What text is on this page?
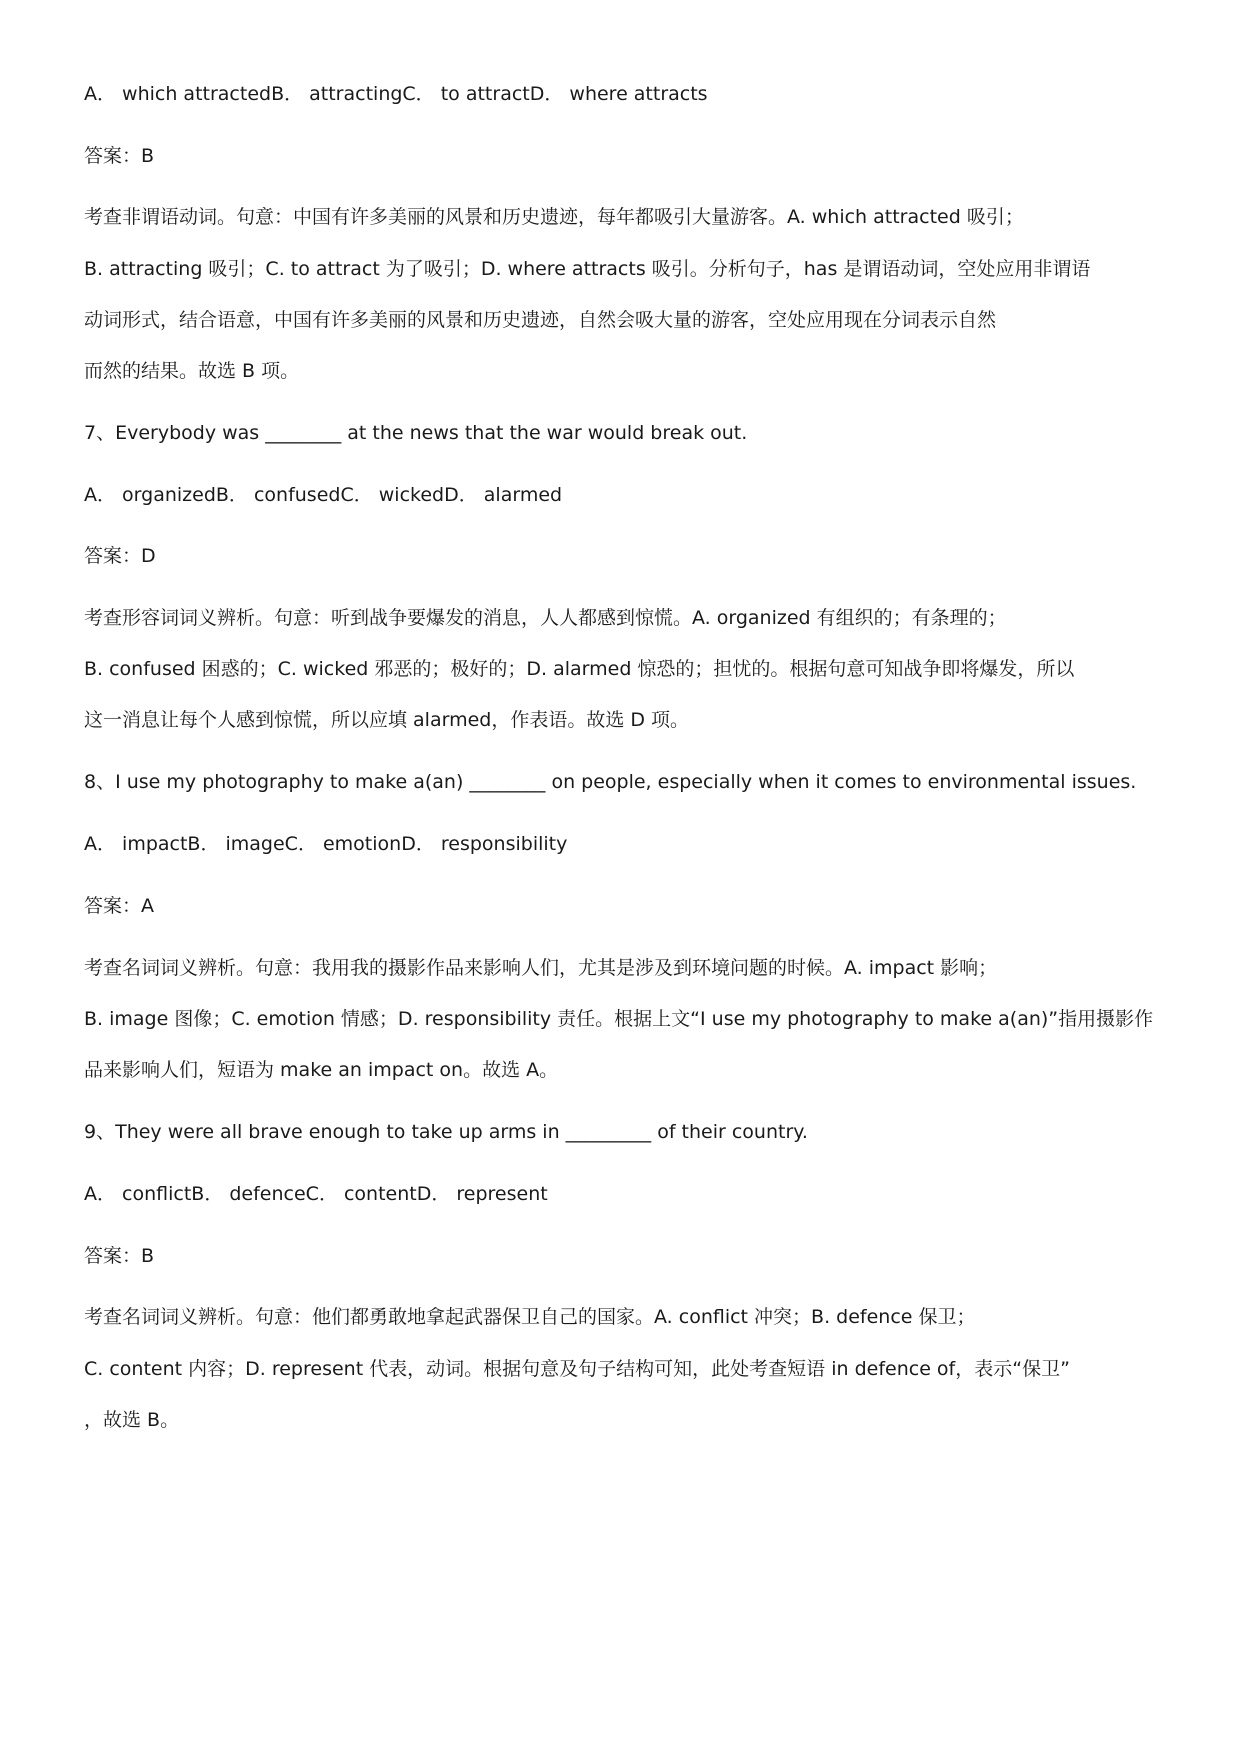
A． which attractedB． attractingC． to attractD． where attracts
答案：B
考查非谓语动词。句意：中国有许多美丽的风景和历史遗迹，每年都吸引大量游客。A. which attracted 吸引；
B. attracting 吸引；C. to attract 为了吸引；D. where attracts 吸引。分析句子，has 是谓语动词，空处应用非谓语
动词形式，结合语意，中国有许多美丽的风景和历史遗迹，自然会吸大量的游客，空处应用现在分词表示自然
而然的结果。故选 B 项。
7、Everybody was ________ at the news that the war would break out.
A． organizedB． confusedC． wickedD． alarmed
答案：D
考查形容词词义辨析。句意：听到战争要爆发的消息，人人都感到惊慌。A. organized 有组织的；有条理的；
B. confused 困惑的；C. wicked 邪恶的；极好的；D. alarmed 惊恐的；担忧的。根据句意可知战争即将爆发，所以
这一消息让每个人感到惊慌，所以应填 alarmed，作表语。故选 D 项。
8、I use my photography to make a(an) ________ on people, especially when it comes to environmental issues.
A． impactB． imageC． emotionD． responsibility
答案：A
考查名词词义辨析。句意：我用我的摄影作品来影响人们，尤其是涉及到环境问题的时候。A. impact 影响；
B. image 图像；C. emotion 情感；D. responsibility 责任。根据上文“I use my photography to make a(an)”指用摄影作
品来影响人们，短语为 make an impact on。故选 A。
9、They were all brave enough to take up arms in _________ of their country.
A． conflictB． defenceC． contentD． represent
答案：B
考查名词词义辨析。句意：他们都勇敢地拿起武器保卫自己的国家。A. conflict 冲突；B. defence 保卫；
C. content 内容；D. represent 代表，动词。根据句意及句子结构可知，此处考查短语 in defence of，表示“保卫”
，故选 B。
